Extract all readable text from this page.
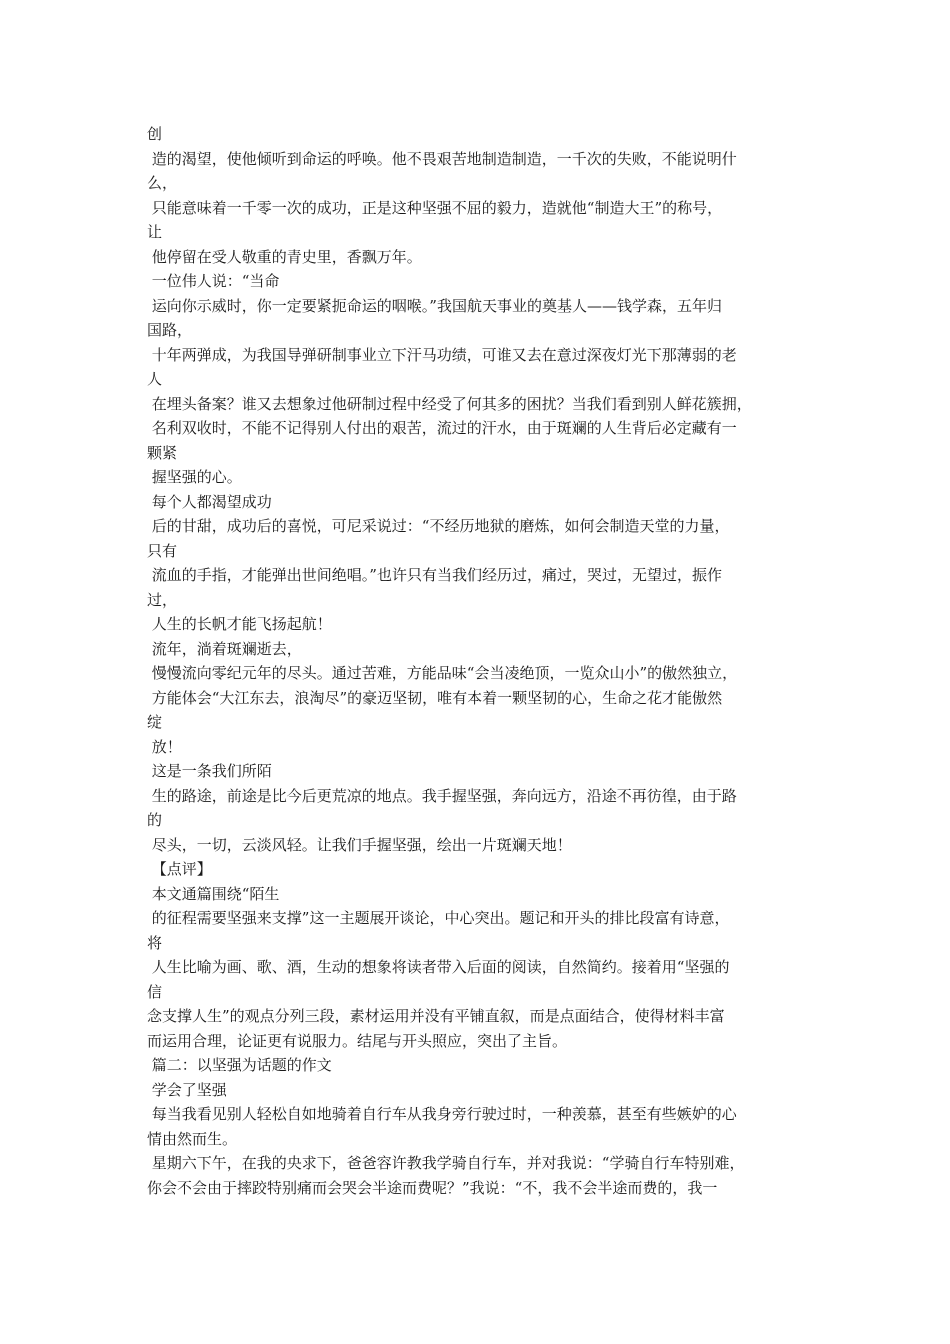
创
造的渴望，使他倾听到命运的呼唤。他不畏艰苦地制造制造，一千次的失败，不能说明什
么，
只能意味着一千零一次的成功，正是这种坚强不屈的毅力，造就他“制造大王”的称号，
让
他停留在受人敬重的青史里，香飘万年。
一位伟人说：“当命
运向你示威时，你一定要紧扼命运的咽喉。”我国航天事业的奠基人——钱学森，五年归
国路，
十年两弹成，为我国导弹研制事业立下汗马功绩，可谁又去在意过深夜灯光下那薄弱的老
人
在埋头备案？谁又去想象过他研制过程中经受了何其多的困扰？当我们看到别人鲜花簇拥，
名利双收时，不能不记得别人付出的艰苦，流过的汗水，由于斑斓的人生背后必定藏有一
颗紧
握坚强的心。
每个人都渴望成功
后的甘甜，成功后的喜悦，可尼采说过：“不经历地狱的磨炼，如何会制造天堂的力量，
只有
流血的手指，才能弹出世间绝唱。”也许只有当我们经历过，痛过，哭过，无望过，振作
过，
人生的长帆才能飞扬起航！
流年，淌着斑斓逝去，
慢慢流向零纪元年的尽头。通过苦难，方能品味“会当凌绝顶，一览众山小”的傲然独立，
方能体会“大江东去，浪淘尽”的豪迈坚韧，唯有本着一颗坚韧的心，生命之花才能傲然
绽
放！
这是一条我们所陌
生的路途，前途是比今后更荒凉的地点。我手握坚强，奔向远方，沿途不再彷徨，由于路
的
尽头，一切，云淡风轻。让我们手握坚强，绘出一片斑斓天地！
【点评】
本文通篇围绕“陌生
的征程需要坚强来支撑”这一主题展开谈论，中心突出。题记和开头的排比段富有诗意，
将
人生比喻为画、歌、酒，生动的想象将读者带入后面的阅读，自然简约。接着用“坚强的
信
念支撑人生”的观点分列三段，素材运用并没有平铺直叙，而是点面结合，使得材料丰富
而运用合理，论证更有说服力。结尾与开头照应，突出了主旨。
篇二：以坚强为话题的作文
学会了坚强
每当我看见别人轻松自如地骑着自行车从我身旁行驶过时，一种羡慕，甚至有些嫉妒的心
情由然而生。
星期六下午，在我的央求下，爸爸容许教我学骑自行车，并对我说：“学骑自行车特别难，
你会不会由于摔跤特别痛而会哭会半途而费呢？”我说：“不，我不会半途而费的，我一
